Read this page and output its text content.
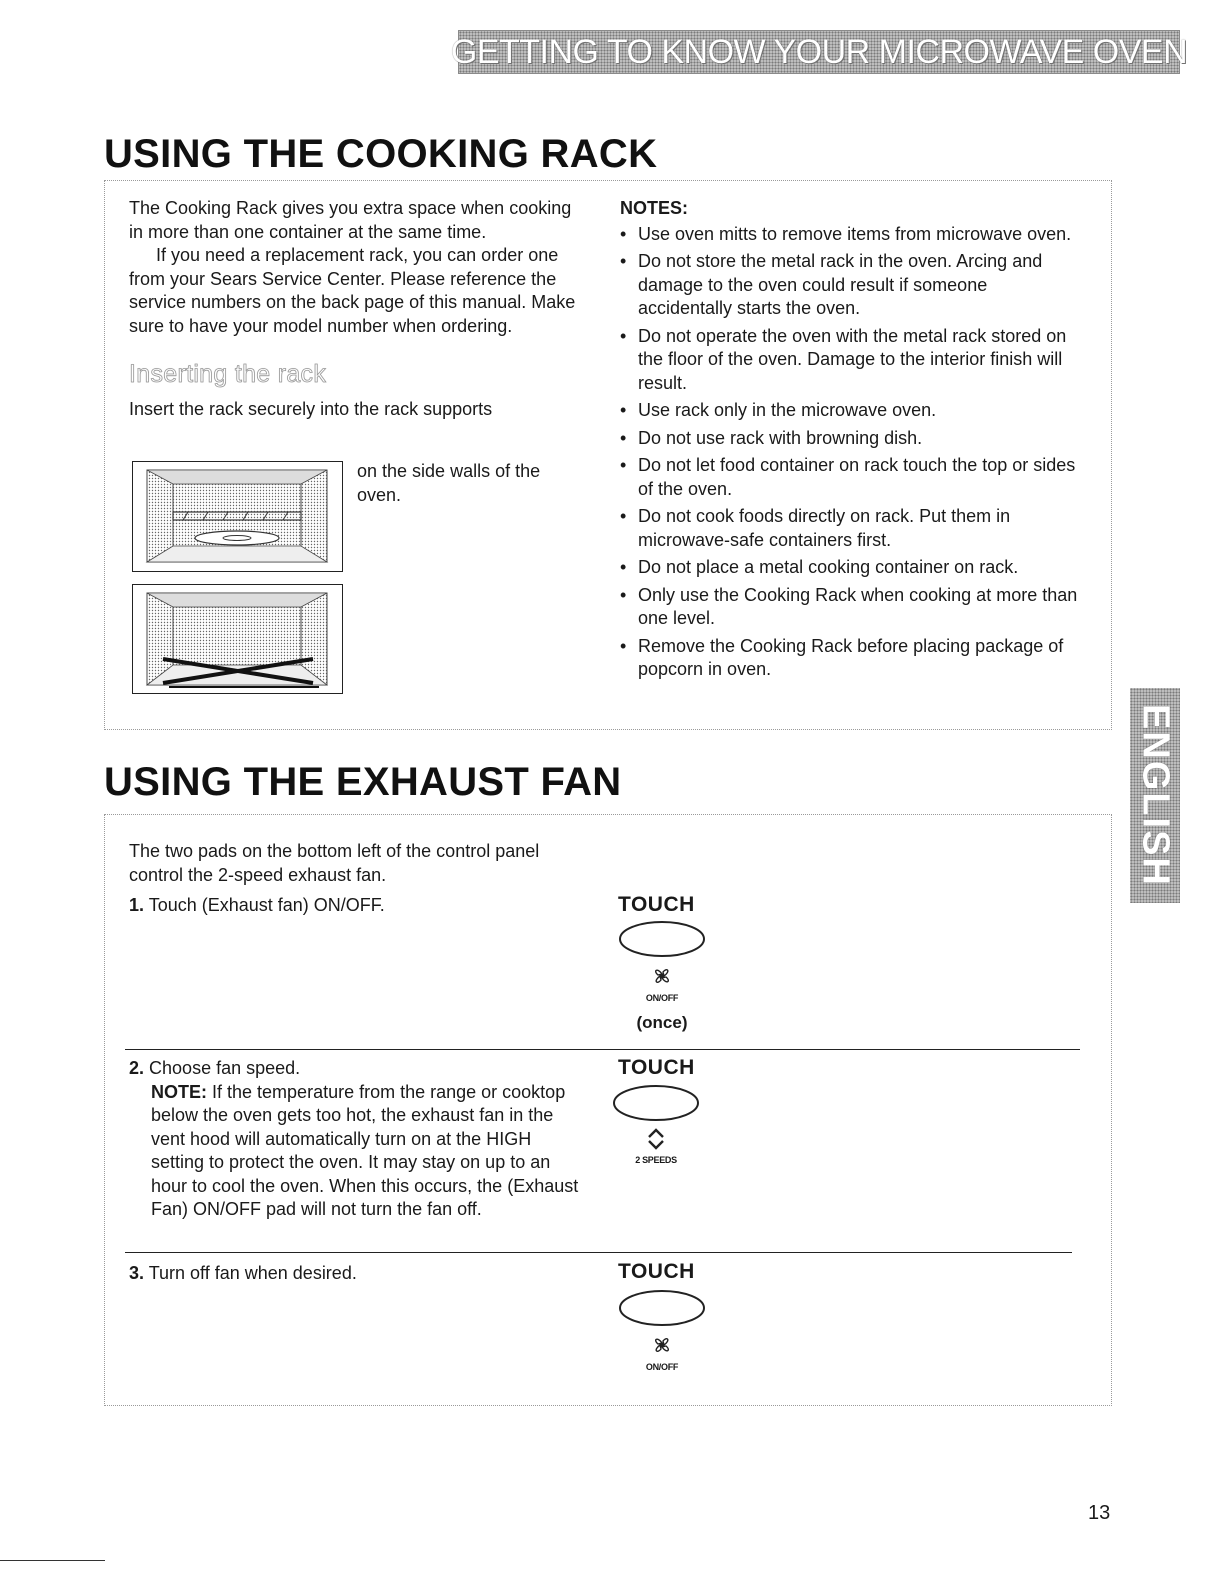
GETTING TO KNOW YOUR MICROWAVE OVEN
USING THE COOKING RACK

The Cooking Rack gives you extra space when cooking in more than one container at the same time.

If you need a replacement rack, you can order one from your Sears Service Center. Please reference the service numbers on the back page of this manual. Make sure to have your model number when ordering.

Inserting the rack

Insert the rack securely into the rack supports

on the side walls of the oven.

NOTES:

• Use oven mitts to remove items from microwave oven.
• Do not store the metal rack in the oven. Arcing and damage to the oven could result if someone accidentally starts the oven.
• Do not operate the oven with the metal rack stored on the floor of the oven. Damage to the interior finish will result.
• Use rack only in the microwave oven.
• Do not use rack with browning dish.
• Do not let food container on rack touch the top or sides of the oven.
• Do not cook foods directly on rack. Put them in microwave-safe containers first.
• Do not place a metal cooking container on rack.
• Only use the Cooking Rack when cooking at more than one level.
• Remove the Cooking Rack before placing package of popcorn in oven.
USING THE EXHAUST FAN

The two pads on the bottom left of the control panel control the 2-speed exhaust fan.

1. Touch (Exhaust fan) ON/OFF.	TOUCH
ON/OFF
(once)

2. Choose fan speed.

NOTE: If the temperature from the range or cooktop below the oven gets too hot, the exhaust fan in the vent hood will automatically turn on at the HIGH setting to protect the oven. It may stay on up to an hour to cool the oven. When this occurs, the (Exhaust Fan) ON/OFF pad will not turn the fan off.

TOUCH
2 SPEEDS

3. Turn off fan when desired.	TOUCH
ON/OFF
ENGLISH
13
